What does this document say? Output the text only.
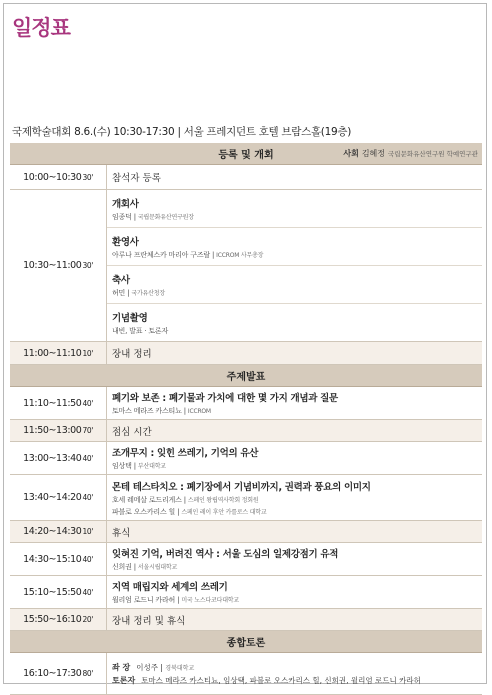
일정표
국제학술대회 8.6.(수) 10:30-17:30 | 서울 프레지던트 호텔 브람스홀(19층)
등록 및 개회	사회 김혜정 국립문화유산연구원 학예연구관
10:00~10:30 30' 참석자 등록
10:30~11:00 30'
개회사
임종덕 | 국립문화유산연구원장
환영사
아루나 프란체스카 마리아 구즈랄 | ICCROM 사무총장
축사
허민 | 국가유산청장
기념촬영
내빈, 발표 · 토론자
11:00~11:10 10' 장내 정리
주제발표
11:10~11:50 40' 폐기와 보존 : 폐기물과 가치에 대한 몇 가지 개념과 질문
토마스 메라즈 카스티뇨 | ICCROM
11:50~13:00 70' 점심 시간
13:00~13:40 40' 조개무지 : 잊힌 쓰레기, 기억의 유산
임상택 | 부산대학교
13:40~14:20 40'
몬테 테스타치오 : 폐기장에서 기념비까지, 권력과 풍요의 이미지
호세 레메살 로드리게스 | 스페인 왕립역사학회 정회원
파블로 오스카리스 힐 | 스페인 레이 후안 카를로스 대학교
14:20~14:30 10' 휴식
14:30~15:10 40' 잊혀진 기억, 버려진 역사 : 서울 도심의 일제강점기 유적
신희권 | 서울시립대학교
15:10~15:50 40' 지역 매립지와 세계의 쓰레기
윌리엄 로드니 카라허 | 미국 노스다코다대학교
15:50~16:10 20' 장내 정리 및 휴식
종합토론
16:10~17:30 80'
좌 장 이성주 | 경북대학교
토론자 토마스 메라즈 카스티뇨, 임상택, 파블로 오스카리스 힐, 신희권, 윌리엄 로드니 카라허
